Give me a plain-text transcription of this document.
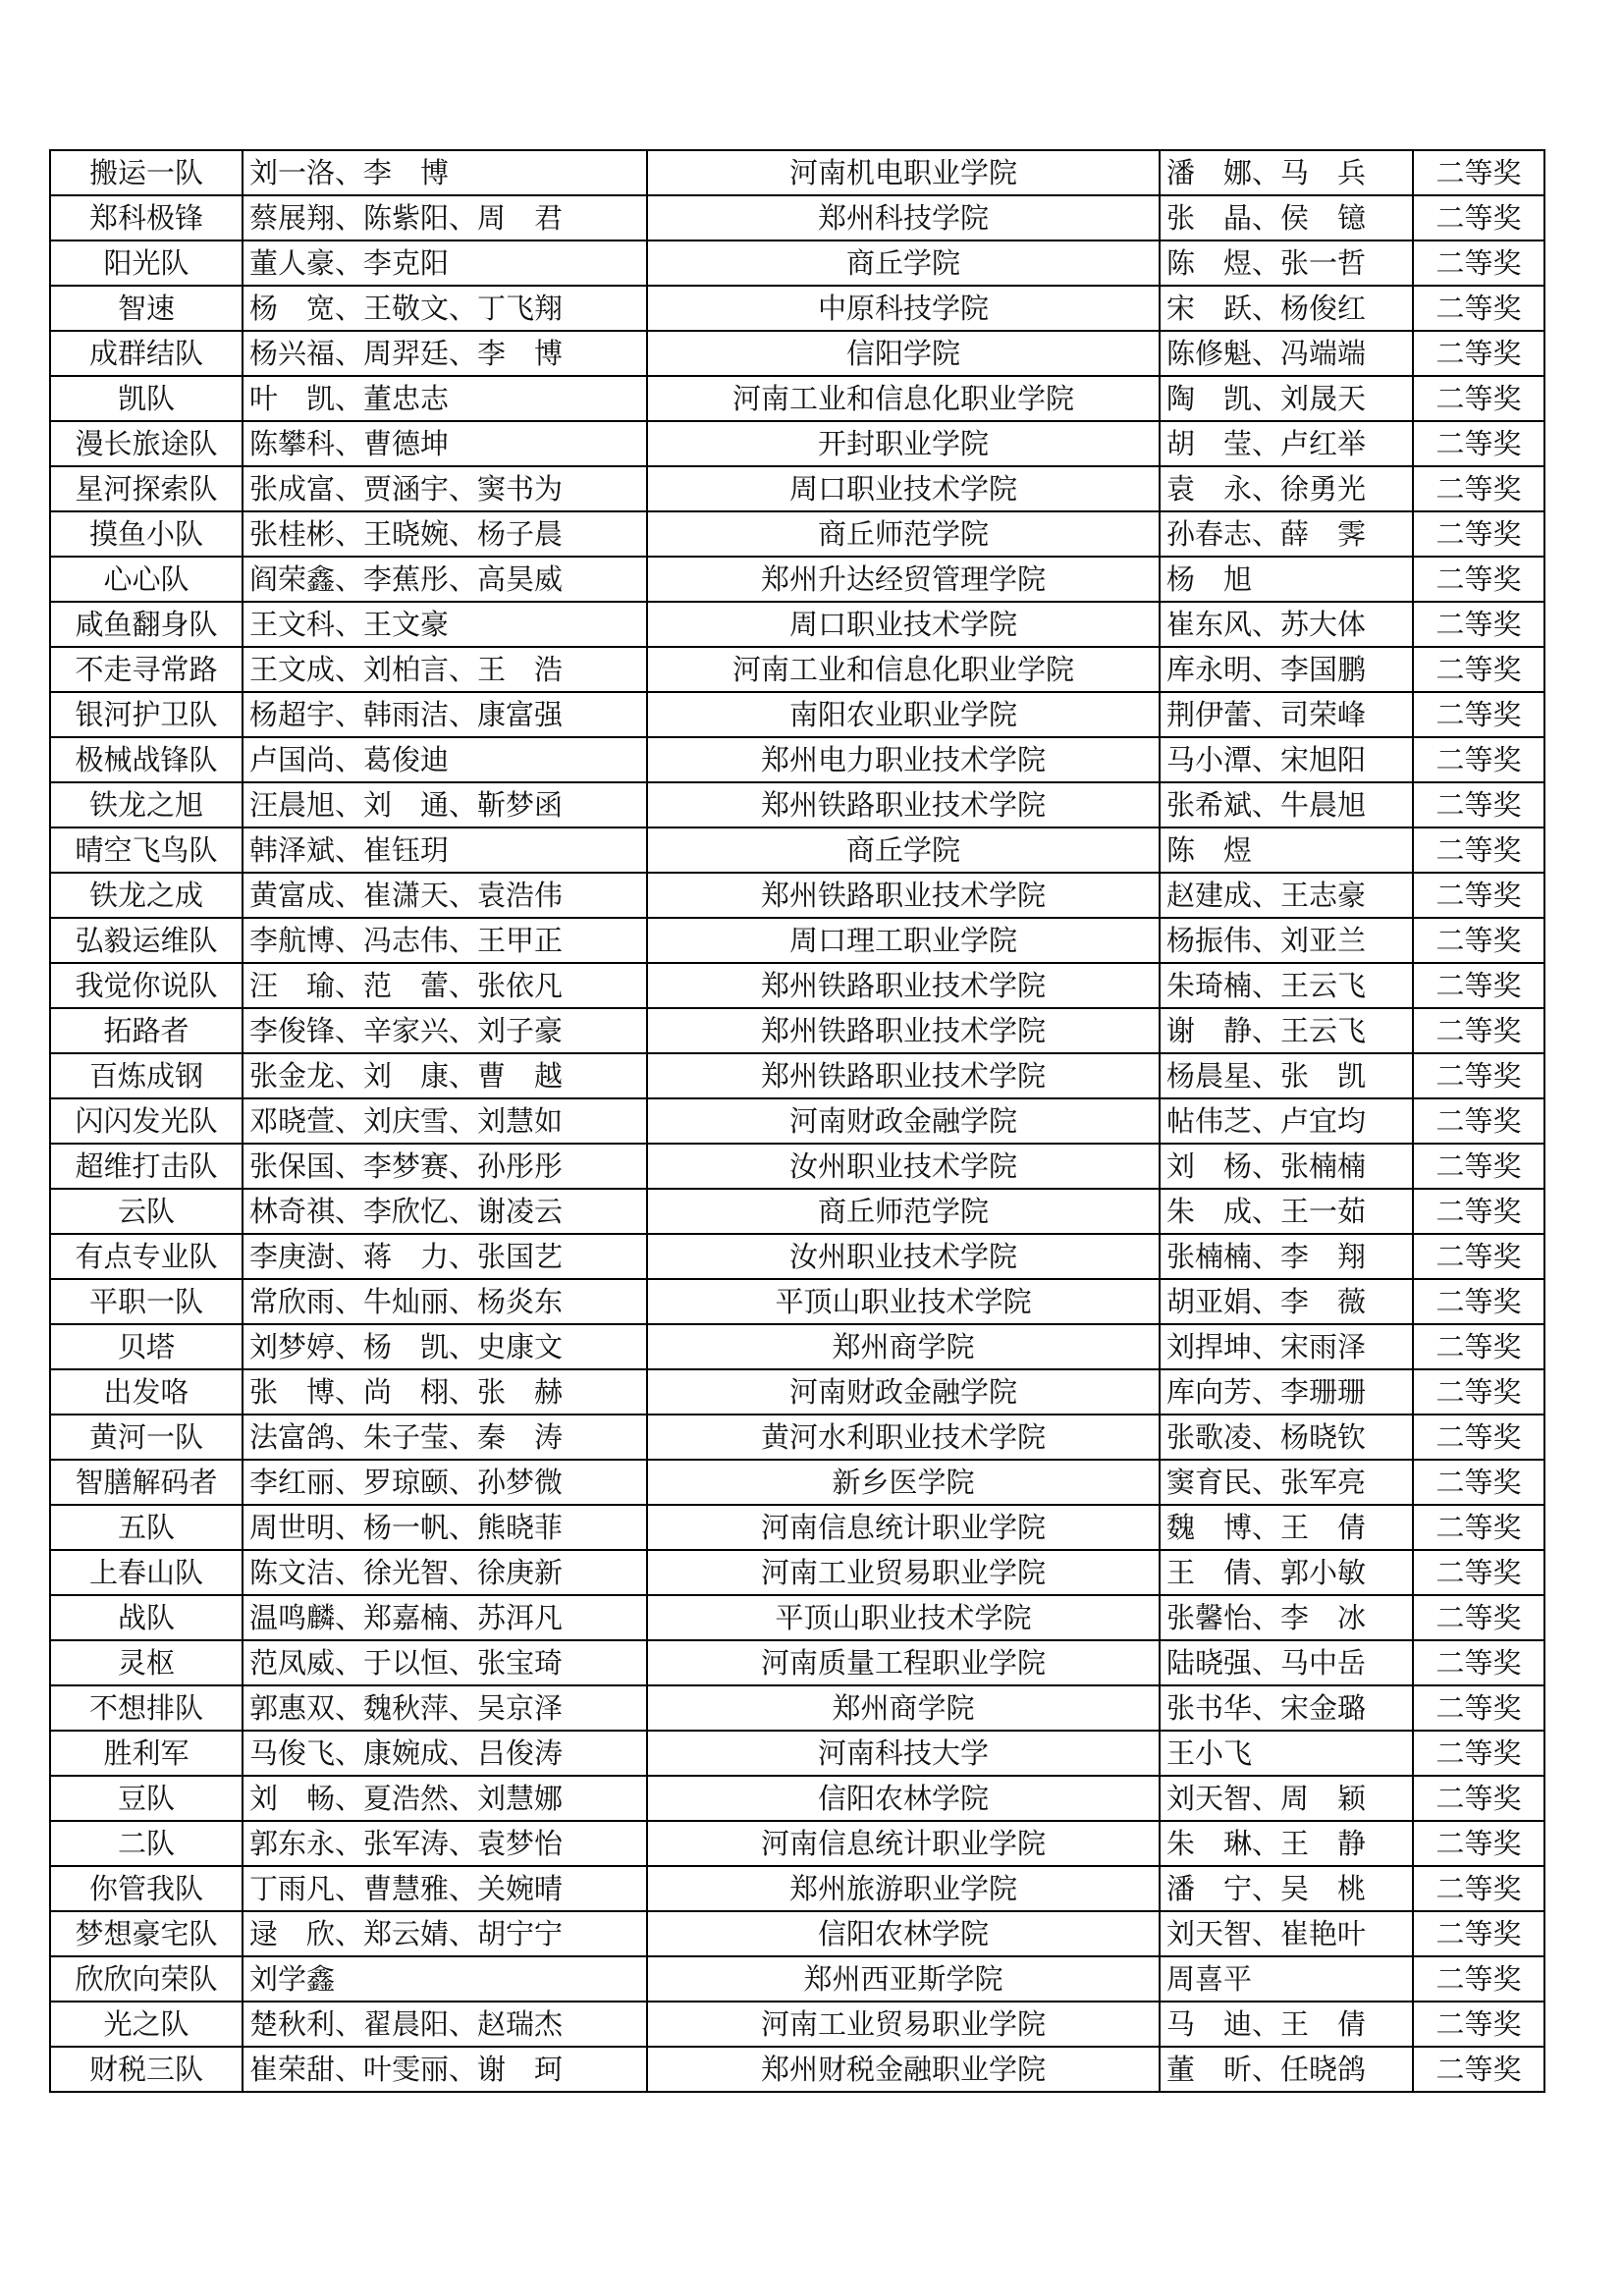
搬运一队	刘一洛、李　博	河南机电职业学院	潘　娜、马　兵	二等奖
郑科极锋	蔡展翔、陈紫阳、周　君	郑州科技学院	张　晶、侯　镱	二等奖
阳光队	董人豪、李克阳	商丘学院	陈　煜、张一哲	二等奖
智速	杨　宽、王敬文、丁飞翔	中原科技学院	宋　跃、杨俊红	二等奖
成群结队	杨兴福、周羿廷、李　博	信阳学院	陈修魁、冯端端	二等奖
凯队	叶　凯、董忠志	河南工业和信息化职业学院	陶　凯、刘晟天	二等奖
漫长旅途队	陈攀科、曹德坤	开封职业学院	胡　莹、卢红举	二等奖
星河探索队	张成富、贾涵宇、窦书为	周口职业技术学院	袁　永、徐勇光	二等奖
摸鱼小队	张桂彬、王晓婉、杨子晨	商丘师范学院	孙春志、薛　霁	二等奖
心心队	阎荣鑫、李蕉彤、高昊威	郑州升达经贸管理学院	杨　旭	二等奖
咸鱼翻身队	王文科、王文豪	周口职业技术学院	崔东风、苏大体	二等奖
不走寻常路	王文成、刘柏言、王　浩	河南工业和信息化职业学院	库永明、李国鹏	二等奖
银河护卫队	杨超宇、韩雨洁、康富强	南阳农业职业学院	荆伊蕾、司荣峰	二等奖
极械战锋队	卢国尚、葛俊迪	郑州电力职业技术学院	马小潭、宋旭阳	二等奖
铁龙之旭	汪晨旭、刘　通、靳梦函	郑州铁路职业技术学院	张希斌、牛晨旭	二等奖
晴空飞鸟队	韩泽斌、崔钰玥	商丘学院	陈　煜	二等奖
铁龙之成	黄富成、崔潇天、袁浩伟	郑州铁路职业技术学院	赵建成、王志豪	二等奖
弘毅运维队	李航博、冯志伟、王甲正	周口理工职业学院	杨振伟、刘亚兰	二等奖
我觉你说队	汪　瑜、范　蕾、张依凡	郑州铁路职业技术学院	朱琦楠、王云飞	二等奖
拓路者	李俊锋、辛家兴、刘子豪	郑州铁路职业技术学院	谢　静、王云飞	二等奖
百炼成钢	张金龙、刘　康、曹　越	郑州铁路职业技术学院	杨晨星、张　凯	二等奖
闪闪发光队	邓晓萱、刘庆雪、刘慧如	河南财政金融学院	帖伟芝、卢宜均	二等奖
超维打击队	张保国、李梦赛、孙彤彤	汝州职业技术学院	刘　杨、张楠楠	二等奖
云队	林奇祺、李欣忆、谢凌云	商丘师范学院	朱　成、王一茹	二等奖
有点专业队	李庚澍、蒋　力、张国艺	汝州职业技术学院	张楠楠、李　翔	二等奖
平职一队	常欣雨、牛灿丽、杨炎东	平顶山职业技术学院	胡亚娟、李　薇	二等奖
贝塔	刘梦婷、杨　凯、史康文	郑州商学院	刘捍坤、宋雨泽	二等奖
出发咯	张　博、尚　栩、张　赫	河南财政金融学院	库向芳、李珊珊	二等奖
黄河一队	法富鸽、朱子莹、秦　涛	黄河水利职业技术学院	张歌凌、杨晓钦	二等奖
智膳解码者	李红丽、罗琼颐、孙梦微	新乡医学院	窦育民、张军亮	二等奖
五队	周世明、杨一帆、熊晓菲	河南信息统计职业学院	魏　博、王　倩	二等奖
上春山队	陈文洁、徐光智、徐庚新	河南工业贸易职业学院	王　倩、郭小敏	二等奖
战队	温鸣麟、郑嘉楠、苏洱凡	平顶山职业技术学院	张馨怡、李　冰	二等奖
灵枢	范凤威、于以恒、张宝琦	河南质量工程职业学院	陆晓强、马中岳	二等奖
不想排队	郭惠双、魏秋萍、吴京泽	郑州商学院	张书华、宋金璐	二等奖
胜利军	马俊飞、康婉成、吕俊涛	河南科技大学	王小飞	二等奖
豆队	刘　畅、夏浩然、刘慧娜	信阳农林学院	刘天智、周　颖	二等奖
二队	郭东永、张军涛、袁梦怡	河南信息统计职业学院	朱　琳、王　静	二等奖
你管我队	丁雨凡、曹慧雅、关婉晴	郑州旅游职业学院	潘　宁、吴　桃	二等奖
梦想豪宅队	逯　欣、郑云婧、胡宁宁	信阳农林学院	刘天智、崔艳叶	二等奖
欣欣向荣队	刘学鑫	郑州西亚斯学院	周喜平	二等奖
光之队	楚秋利、翟晨阳、赵瑞杰	河南工业贸易职业学院	马　迪、王　倩	二等奖
财税三队	崔荣甜、叶雯丽、谢　珂	郑州财税金融职业学院	董　昕、任晓鸽	二等奖
